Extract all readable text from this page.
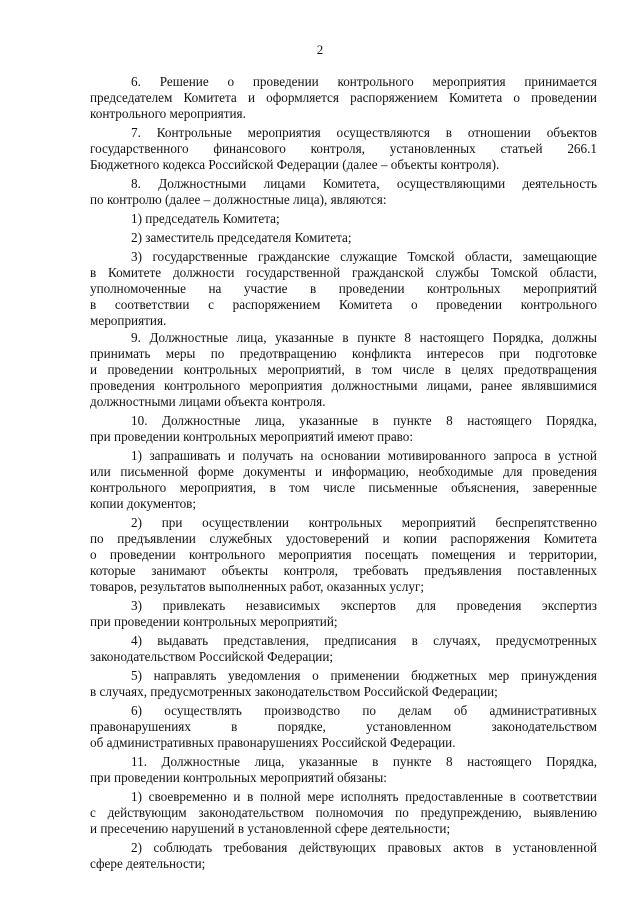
2
6. Решение о проведении контрольного мероприятия принимается
председателем Комитета и оформляется распоряжением Комитета о проведении
контрольного мероприятия.
7. Контрольные мероприятия осуществляются в отношении объектов
государственного финансового контроля, установленных статьей 266.1
Бюджетного кодекса Российской Федерации (далее – объекты контроля).
8. Должностными лицами Комитета, осуществляющими деятельность
по контролю (далее – должностные лица), являются:
1) председатель Комитета;
2) заместитель председателя Комитета;
3) государственные гражданские служащие Томской области, замещающие
в Комитете должности государственной гражданской службы Томской области,
уполномоченные на участие в проведении контрольных мероприятий
в соответствии с распоряжением Комитета о проведении контрольного
мероприятия.
9. Должностные лица, указанные в пункте 8 настоящего Порядка, должны
принимать меры по предотвращению конфликта интересов при подготовке
и проведении контрольных мероприятий, в том числе в целях предотвращения
проведения контрольного мероприятия должностными лицами, ранее являвшимися
должностными лицами объекта контроля.
10. Должностные лица, указанные в пункте 8 настоящего Порядка,
при проведении контрольных мероприятий имеют право:
1) запрашивать и получать на основании мотивированного запроса в устной
или письменной форме документы и информацию, необходимые для проведения
контрольного мероприятия, в том числе письменные объяснения, заверенные
копии документов;
2) при осуществлении контрольных мероприятий беспрепятственно
по предъявлении служебных удостоверений и копии распоряжения Комитета
о проведении контрольного мероприятия посещать помещения и территории,
которые занимают объекты контроля, требовать предъявления поставленных
товаров, результатов выполненных работ, оказанных услуг;
3) привлекать независимых экспертов для проведения экспертиз
при проведении контрольных мероприятий;
4) выдавать представления, предписания в случаях, предусмотренных
законодательством Российской Федерации;
5) направлять уведомления о применении бюджетных мер принуждения
в случаях, предусмотренных законодательством Российской Федерации;
6) осуществлять производство по делам об административных
правонарушениях в порядке, установленном законодательством
об административных правонарушениях Российской Федерации.
11. Должностные лица, указанные в пункте 8 настоящего Порядка,
при проведении контрольных мероприятий обязаны:
1) своевременно и в полной мере исполнять предоставленные в соответствии
с действующим законодательством полномочия по предупреждению, выявлению
и пресечению нарушений в установленной сфере деятельности;
2) соблюдать требования действующих правовых актов в установленной
сфере деятельности;
